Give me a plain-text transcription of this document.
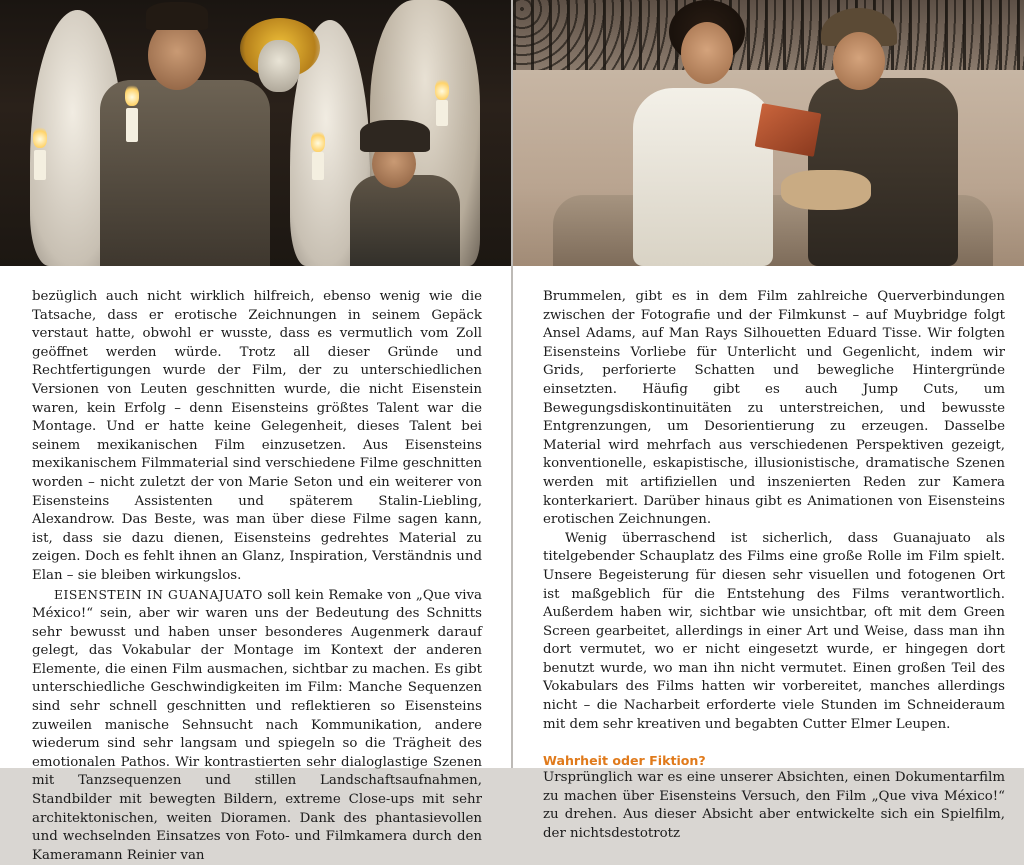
bezüglich auch nicht wirklich hilfreich, ebenso wenig wie die Tatsache, dass er erotische Zeichnungen in seinem Gepäck verstaut hatte, obwohl er wusste, dass es vermutlich vom Zoll geöffnet werden würde. Trotz all dieser Gründe und Rechtfertigungen wurde der Film, der zu unterschiedlichen Versionen von Leuten geschnitten wurde, die nicht Eisenstein waren, kein Erfolg – denn Eisensteins größtes Talent war die Montage. Und er hatte keine Gelegenheit, dieses Talent bei seinem mexikanischen Film einzusetzen. Aus Eisensteins mexikanischem Filmmaterial sind verschiedene Filme geschnitten worden – nicht zuletzt der von Marie Seton und ein weiterer von Eisensteins Assistenten und späterem Stalin-Liebling, Alexandrow. Das Beste, was man über diese Filme sagen kann, ist, dass sie dazu dienen, Eisensteins gedrehtes Material zu zeigen. Doch es fehlt ihnen an Glanz, Inspiration, Verständnis und Elan – sie bleiben wirkungslos.

EISENSTEIN IN GUANAJUATO soll kein Remake von „Que viva México!“ sein, aber wir waren uns der Bedeutung des Schnitts sehr bewusst und haben unser besonderes Augenmerk darauf gelegt, das Vokabular der Montage im Kontext der anderen Elemente, die einen Film ausmachen, sichtbar zu machen. Es gibt unterschiedliche Geschwindigkeiten im Film: Manche Sequenzen sind sehr schnell geschnitten und reflektieren so Eisensteins zuweilen manische Sehnsucht nach Kommunikation, andere wiederum sind sehr langsam und spiegeln so die Trägheit des emotionalen Pathos. Wir kontrastierten sehr dialoglastige Szenen mit Tanzsequenzen und stillen Landschaftsaufnahmen, Standbilder mit bewegten Bildern, extreme Close-ups mit sehr architektonischen, weiten Dioramen. Dank des phantasievollen und wechselnden Einsatzes von Foto- und Filmkamera durch den Kameramann Reinier van

Brummelen, gibt es in dem Film zahlreiche Querverbindungen zwischen der Fotografie und der Filmkunst – auf Muybridge folgt Ansel Adams, auf Man Rays Silhouetten Eduard Tisse. Wir folgten Eisensteins Vorliebe für Unterlicht und Gegenlicht, indem wir Grids, perforierte Schatten und bewegliche Hintergründe einsetzten. Häufig gibt es auch Jump Cuts, um Bewegungsdiskontinuitäten zu unterstreichen, und bewusste Entgrenzungen, um Desorientierung zu erzeugen. Dasselbe Material wird mehrfach aus verschiedenen Perspektiven gezeigt, konventionelle, eskapistische, illusionistische, dramatische Szenen werden mit artifiziellen und inszenierten Reden zur Kamera konterkariert. Darüber hinaus gibt es Animationen von Eisensteins erotischen Zeichnungen.

Wenig überraschend ist sicherlich, dass Guanajuato als titelgebender Schauplatz des Films eine große Rolle im Film spielt. Unsere Begeisterung für diesen sehr visuellen und fotogenen Ort ist maßgeblich für die Entstehung des Films verantwortlich. Außerdem haben wir, sichtbar wie unsichtbar, oft mit dem Green Screen gearbeitet, allerdings in einer Art und Weise, dass man ihn dort vermutet, wo er nicht eingesetzt wurde, er hingegen dort benutzt wurde, wo man ihn nicht vermutet. Einen großen Teil des Vokabulars des Films hatten wir vorbereitet, manches allerdings nicht – die Nacharbeit erforderte viele Stunden im Schneideraum mit dem sehr kreativen und begabten Cutter Elmer Leupen.

Wahrheit oder Fiktion?

Ursprünglich war es eine unserer Absichten, einen Dokumentarfilm zu machen über Eisensteins Versuch, den Film „Que viva México!“ zu drehen. Aus dieser Absicht aber entwickelte sich ein Spielfilm, der nichtsdestotrotz
